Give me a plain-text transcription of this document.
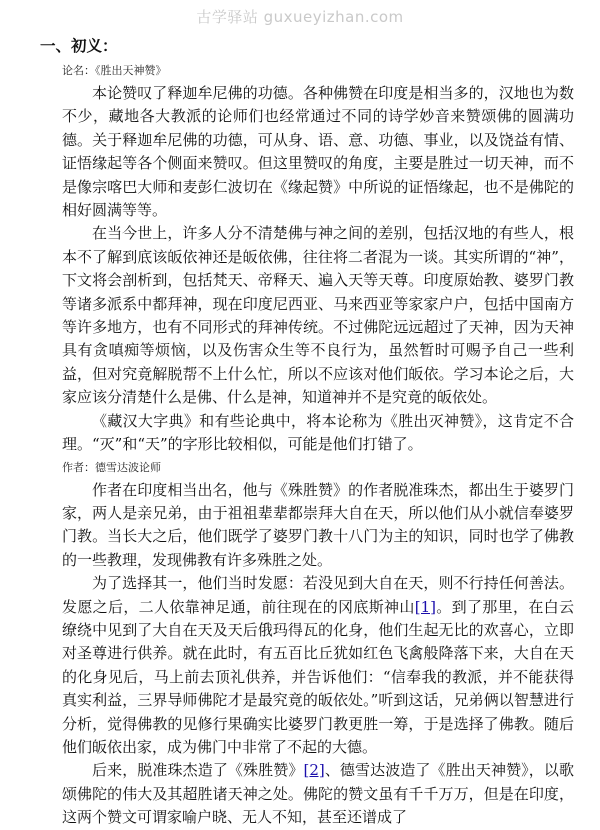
古学驿站 guxueyizhan.com
一、初义：
论名：《胜出天神赞》

本论赞叹了释迦牟尼佛的功德。各种佛赞在印度是相当多的，汉地也为数不少，藏地各大教派的论师们也经常通过不同的诗学妙音来赞颂佛的圆满功德。关于释迦牟尼佛的功德，可从身、语、意、功德、事业，以及饶益有情、证悟缘起等各个侧面来赞叹。但这里赞叹的角度，主要是胜过一切天神，而不是像宗喀巴大师和麦彭仁波切在《缘起赞》中所说的证悟缘起，也不是佛陀的相好圆满等等。

在当今世上，许多人分不清楚佛与神之间的差别，包括汉地的有些人，根本不了解到底该皈依神还是皈依佛，往往将二者混为一谈。其实所谓的“神”，下文将会剖析到，包括梵天、帝释天、遍入天等天尊。印度原始教、婆罗门教等诸多派系中都拜神，现在印度尼西亚、马来西亚等家家户户，包括中国南方等许多地方，也有不同形式的拜神传统。不过佛陀远远超过了天神，因为天神具有贪嗔痴等烦恼，以及伤害众生等不良行为，虽然暂时可赐予自己一些利益，但对究竟解脱帮不上什么忙，所以不应该对他们皈依。学习本论之后，大家应该分清楚什么是佛、什么是神，知道神并不是究竟的皈依处。

《藏汉大字典》和有些论典中，将本论称为《胜出灭神赞》，这肯定不合理。“灭”和“天”的字形比较相似，可能是他们打错了。

作者：德雪达波论师

作者在印度相当出名，他与《殊胜赞》的作者脱准珠杰，都出生于婆罗门家，两人是亲兄弟，由于祖祖辈辈都崇拜大自在天，所以他们从小就信奉婆罗门教。当长大之后，他们既学了婆罗门教十八门为主的知识，同时也学了佛教的一些教理，发现佛教有许多殊胜之处。

为了选择其一，他们当时发愿：若没见到大自在天，则不行持任何善法。发愿之后，二人依靠神足通，前往现在的冈底斯神山[1]。到了那里，在白云缭绕中见到了大自在天及天后俄玛得瓦的化身，他们生起无比的欢喜心，立即对圣尊进行供养。就在此时，有五百比丘犹如红色飞禽般降落下来，大自在天的化身见后，马上前去顶礼供养，并告诉他们：“信奉我的教派，并不能获得真实利益，三界导师佛陀才是最究竟的皈依处。”听到这话，兄弟俩以智慧进行分析，觉得佛教的见修行果确实比婆罗门教更胜一筹，于是选择了佛教。随后他们皈依出家，成为佛门中非常了不起的大德。

后来，脱准珠杰造了《殊胜赞》[2]、德雪达波造了《胜出天神赞》，以歌颂佛陀的伟大及其超胜诸天神之处。佛陀的赞文虽有千千万万，但是在印度，这两个赞文可谓家喻户晓、无人不知，甚至还谱成了
